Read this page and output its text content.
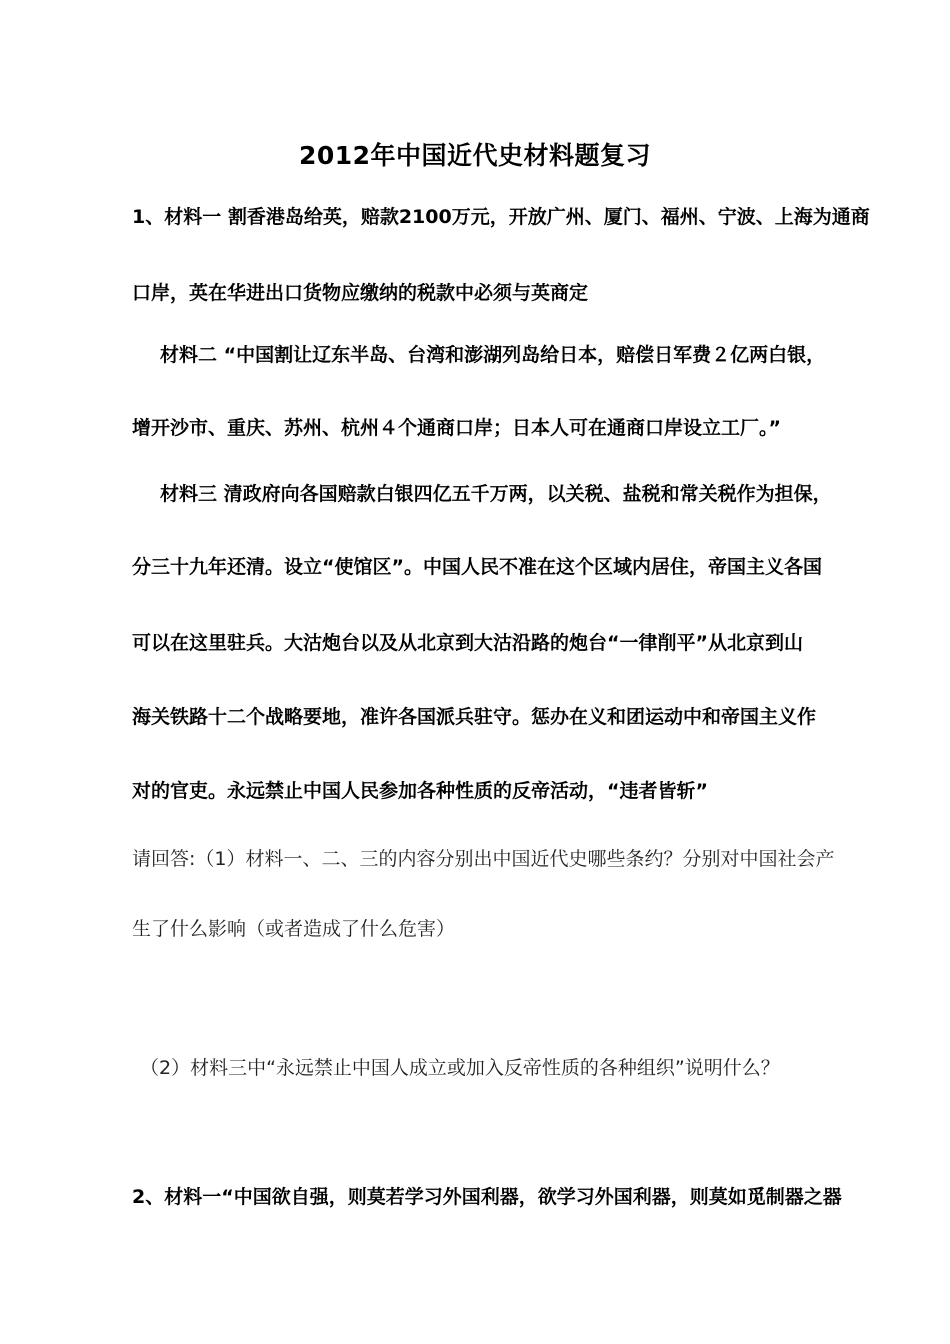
2012年中国近代史材料题复习
1、材料一 割香港岛给英，赔款2100万元，开放广州、厦门、福州、宁波、上海为通商
口岸，英在华进出口货物应缴纳的税款中必须与英商定
材料二 “中国割让辽东半岛、台湾和澎湖列岛给日本，赔偿日军费２亿两白银，
增开沙市、重庆、苏州、杭州４个通商口岸；日本人可在通商口岸设立工厂。”
材料三 清政府向各国赔款白银四亿五千万两，以关税、盐税和常关税作为担保，
分三十九年还清。设立“使馆区”。中国人民不准在这个区域内居住，帝国主义各国
可以在这里驻兵。大沽炮台以及从北京到大沽沿路的炮台“一律削平”从北京到山
海关铁路十二个战略要地，准许各国派兵驻守。惩办在义和团运动中和帝国主义作
对的官吏。永远禁止中国人民参加各种性质的反帝活动，“违者皆斩”
请回答:（1）材料一、二、三的内容分别出中国近代史哪些条约？分别对中国社会产
生了什么影响（或者造成了什么危害）
（2）材料三中“永远禁止中国人成立或加入反帝性质的各种组织”说明什么？
2、材料一“中国欲自强，则莫若学习外国利器，欲学习外国利器，则莫如觅制器之器
